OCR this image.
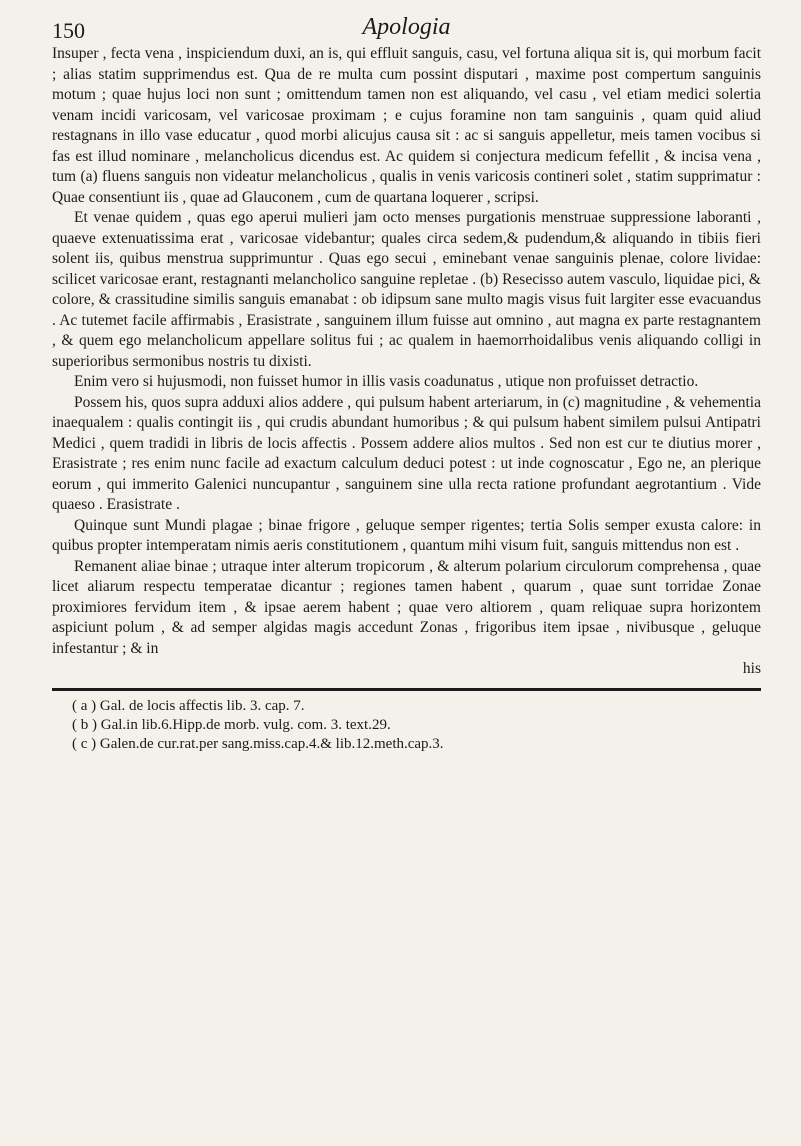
150	Apologia

Insuper , fecta vena , inspiciendum duxi, an is, qui effluit sanguis, casu, vel fortuna aliqua sit is, qui morbum facit ; alias statim supprimendus est. Qua de re multa cum possint disputari , maxime post compertum sanguinis motum ; quae hujus loci non sunt ; omittendum tamen non est aliquando, vel casu , vel etiam medici solertia venam incidi varicosam, vel varicosae proximam ; e cujus foramine non tam sanguinis , quam quid aliud restagnans in illo vase educatur , quod morbi alicujus causa sit : ac si sanguis appelletur, meis tamen vocibus si fas est illud nominare , melancholicus dicendus est. Ac quidem si conjectura medicum fefellit , & incisa vena , tum (a) fluens sanguis non videatur melancholicus , qualis in venis varicosis contineri solet , statim supprimatur : Quae consentiunt iis , quae ad Glauconem , cum de quartana loquerer , scripsi.

Et venae quidem , quas ego aperui mulieri jam octo menses purgationis menstruae suppressione laboranti , quaeve extenuatissima erat , varicosae videbantur; quales circa sedem,& pudendum,& aliquando in tibiis fieri solent iis, quibus menstrua supprimuntur . Quas ego secui , eminebant venae sanguinis plenae, colore lividae: scilicet varicosae erant, restagnanti melancholico sanguine repletae . (b) Resecisso autem vasculo, liquidae pici, & colore, & crassitudine similis sanguis emanabat : ob idipsum sane multo magis visus fuit largiter esse evacuandus . Ac tutemet facile affirmabis , Erasistrate , sanguinem illum fuisse aut omnino , aut magna ex parte restagnantem , & quem ego melancholicum appellare solitus fui ; ac qualem in haemorrhoidalibus venis aliquando colligi in superioribus sermonibus nostris tu dixisti.

Enim vero si hujusmodi, non fuisset humor in illis vasis coadunatus , utique non profuisset detractio.

Possem his, quos supra adduxi alios addere , qui pulsum habent arteriarum, in (c) magnitudine , & vehementia inaequalem : qualis contingit iis , qui crudis abundant humoribus ; & qui pulsum habent similem pulsui Antipatri Medici , quem tradidi in libris de locis affectis . Possem addere alios multos . Sed non est cur te diutius morer , Erasistrate ; res enim nunc facile ad exactum calculum deduci potest : ut inde cognoscatur , Ego ne, an plerique eorum , qui immerito Galenici nuncupantur , sanguinem sine ulla recta ratione profundant aegrotantium . Vide quaeso . Erasistrate .

Quinque sunt Mundi plagae ; binae frigore , geluque semper rigentes; tertia Solis semper exusta calore: in quibus propter intemperatam nimis aeris constitutionem , quantum mihi visum fuit, sanguis mittendus non est .

Remanent aliae binae ; utraque inter alterum tropicorum , & alterum polarium circulorum comprehensa , quae licet aliarum respectu temperatae dicantur ; regiones tamen habent , quarum , quae sunt torridae Zonae proximiores fervidum item , & ipsae aerem habent ; quae vero altiorem , quam reliquae supra horizontem aspiciunt polum , & ad semper algidas magis accedunt Zonas , frigoribus item ipsae , nivibusque , geluque infestantur ; & in

his

( a ) Gal. de locis affectis lib. 3. cap. 7.

( b ) Gal.in lib.6.Hipp.de morb. vulg. com. 3. text.29.

( c ) Galen.de cur.rat.per sang.miss.cap.4.& lib.12.meth.cap.3.
